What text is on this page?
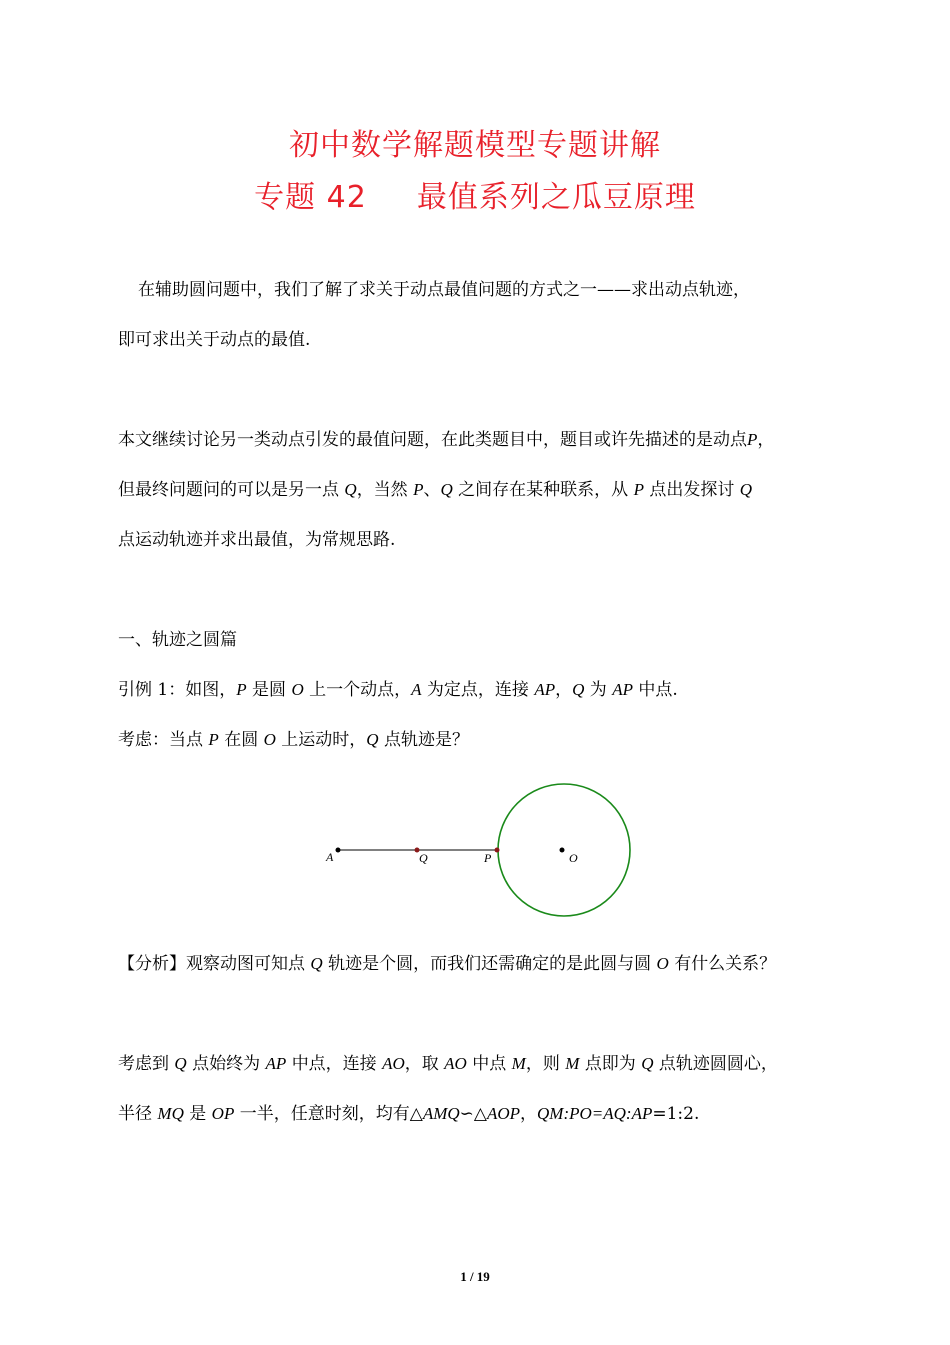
初中数学解题模型专题讲解
专题 42 最值系列之瓜豆原理
在辅助圆问题中，我们了解了求关于动点最值问题的方式之一——求出动点轨迹，
即可求出关于动点的最值.
本文继续讨论另一类动点引发的最值问题，在此类题目中，题目或许先描述的是动点P，
但最终问题问的可以是另一点 Q，当然 P、Q 之间存在某种联系，从 P 点出发探讨 Q
点运动轨迹并求出最值，为常规思路.
一、轨迹之圆篇
引例 1：如图，P 是圆 O 上一个动点，A 为定点，连接 AP，Q 为 AP 中点.
考虑：当点 P 在圆 O 上运动时，Q 点轨迹是？
A	Q	P	O
【分析】观察动图可知点 Q 轨迹是个圆，而我们还需确定的是此圆与圆 O 有什么关系？
考虑到 Q 点始终为 AP 中点，连接 AO，取 AO 中点 M，则 M 点即为 Q 点轨迹圆圆心，
半径 MQ 是 OP 一半，任意时刻，均有△AMQ∽△AOP，QM:PO=AQ:AP=1:2.
1 / 19
